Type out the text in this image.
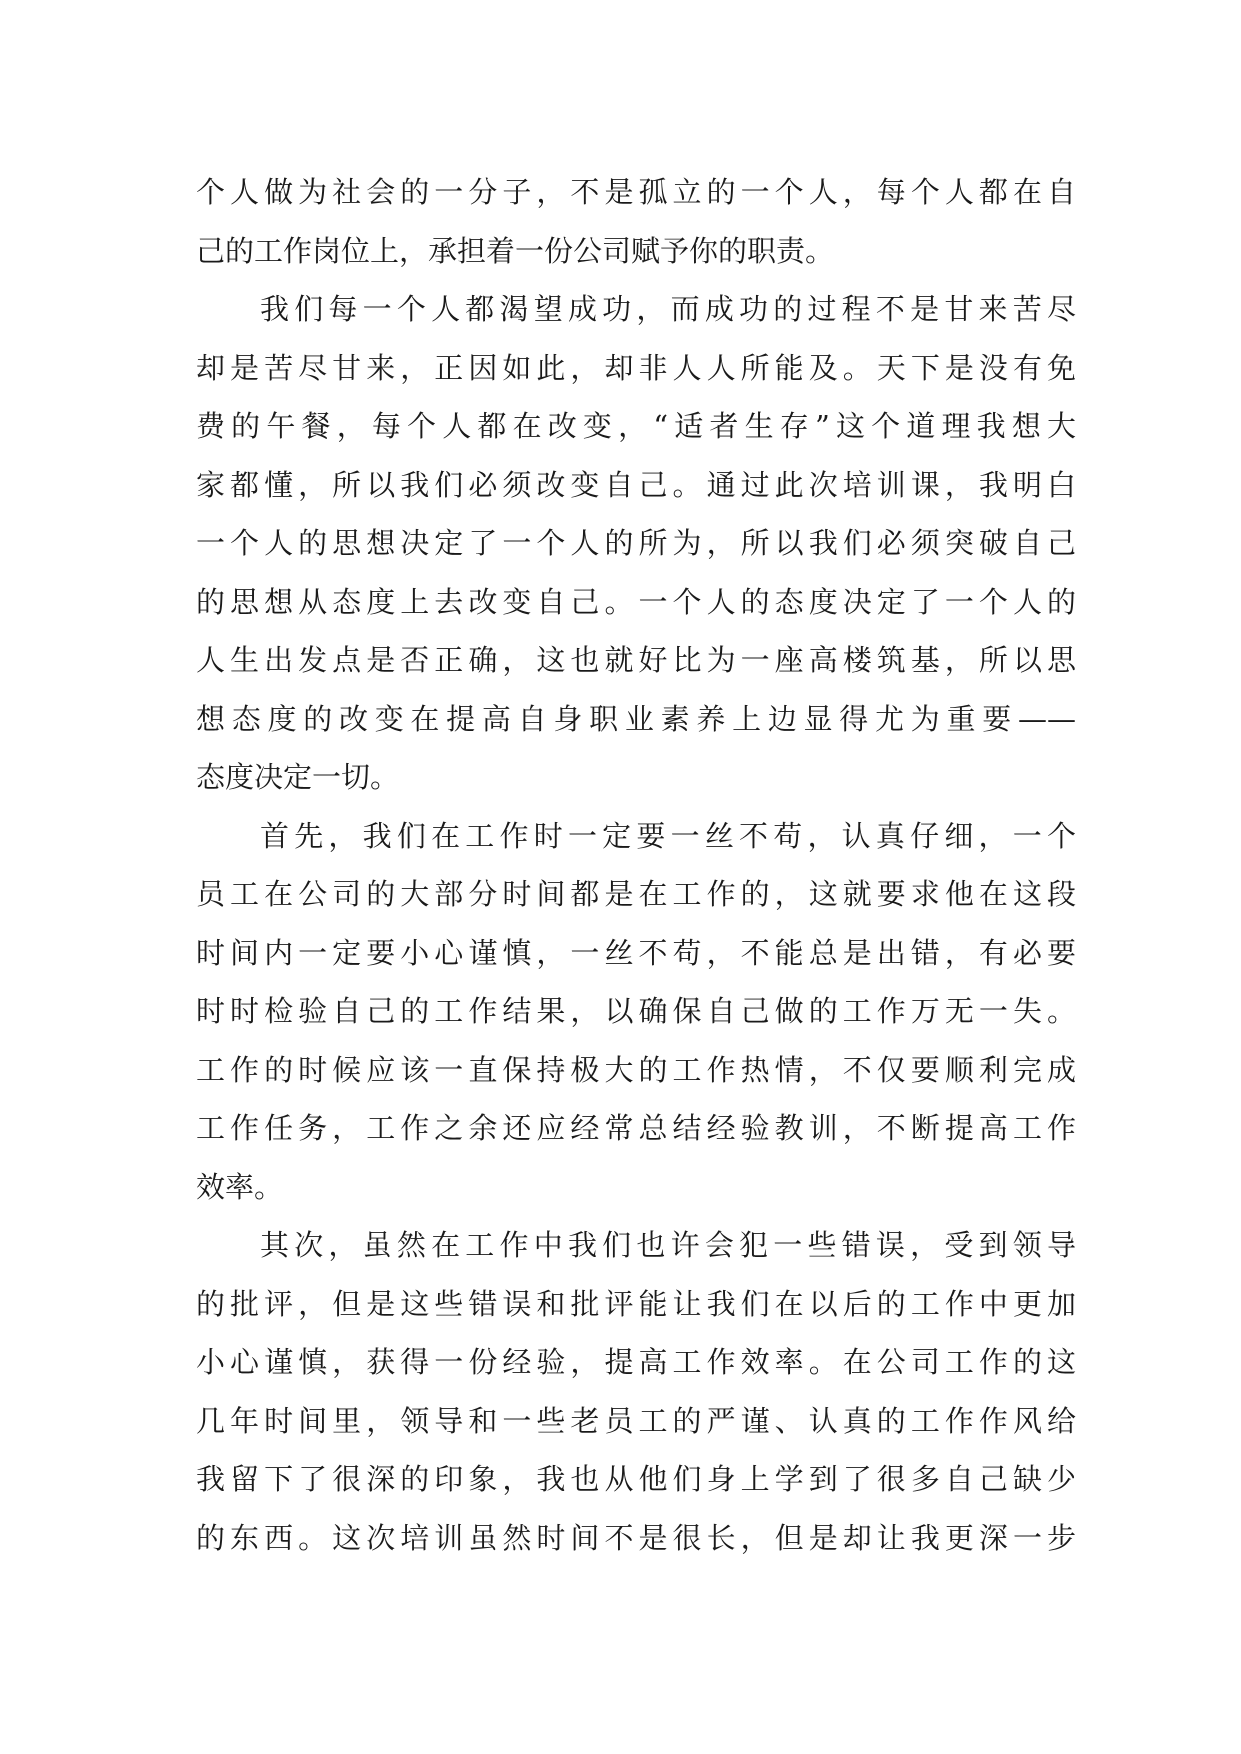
个人做为社会的一分子，不是孤立的一个人，每个人都在自
己的工作岗位上，承担着一份公司赋予你的职责。
我们每一个人都渴望成功，而成功的过程不是甘来苦尽
却是苦尽甘来，正因如此，却非人人所能及。天下是没有免
费的午餐，每个人都在改变，“适者生存”这个道理我想大
家都懂，所以我们必须改变自己。通过此次培训课，我明白
一个人的思想决定了一个人的所为，所以我们必须突破自己
的思想从态度上去改变自己。一个人的态度决定了一个人的
人生出发点是否正确，这也就好比为一座高楼筑基，所以思
想态度的改变在提高自身职业素养上边显得尤为重要——
态度决定一切。
首先，我们在工作时一定要一丝不苟，认真仔细，一个
员工在公司的大部分时间都是在工作的，这就要求他在这段
时间内一定要小心谨慎，一丝不苟，不能总是出错，有必要
时时检验自己的工作结果，以确保自己做的工作万无一失。
工作的时候应该一直保持极大的工作热情，不仅要顺利完成
工作任务，工作之余还应经常总结经验教训，不断提高工作
效率。
其次，虽然在工作中我们也许会犯一些错误，受到领导
的批评，但是这些错误和批评能让我们在以后的工作中更加
小心谨慎，获得一份经验，提高工作效率。在公司工作的这
几年时间里，领导和一些老员工的严谨、认真的工作作风给
我留下了很深的印象，我也从他们身上学到了很多自己缺少
的东西。这次培训虽然时间不是很长，但是却让我更深一步
